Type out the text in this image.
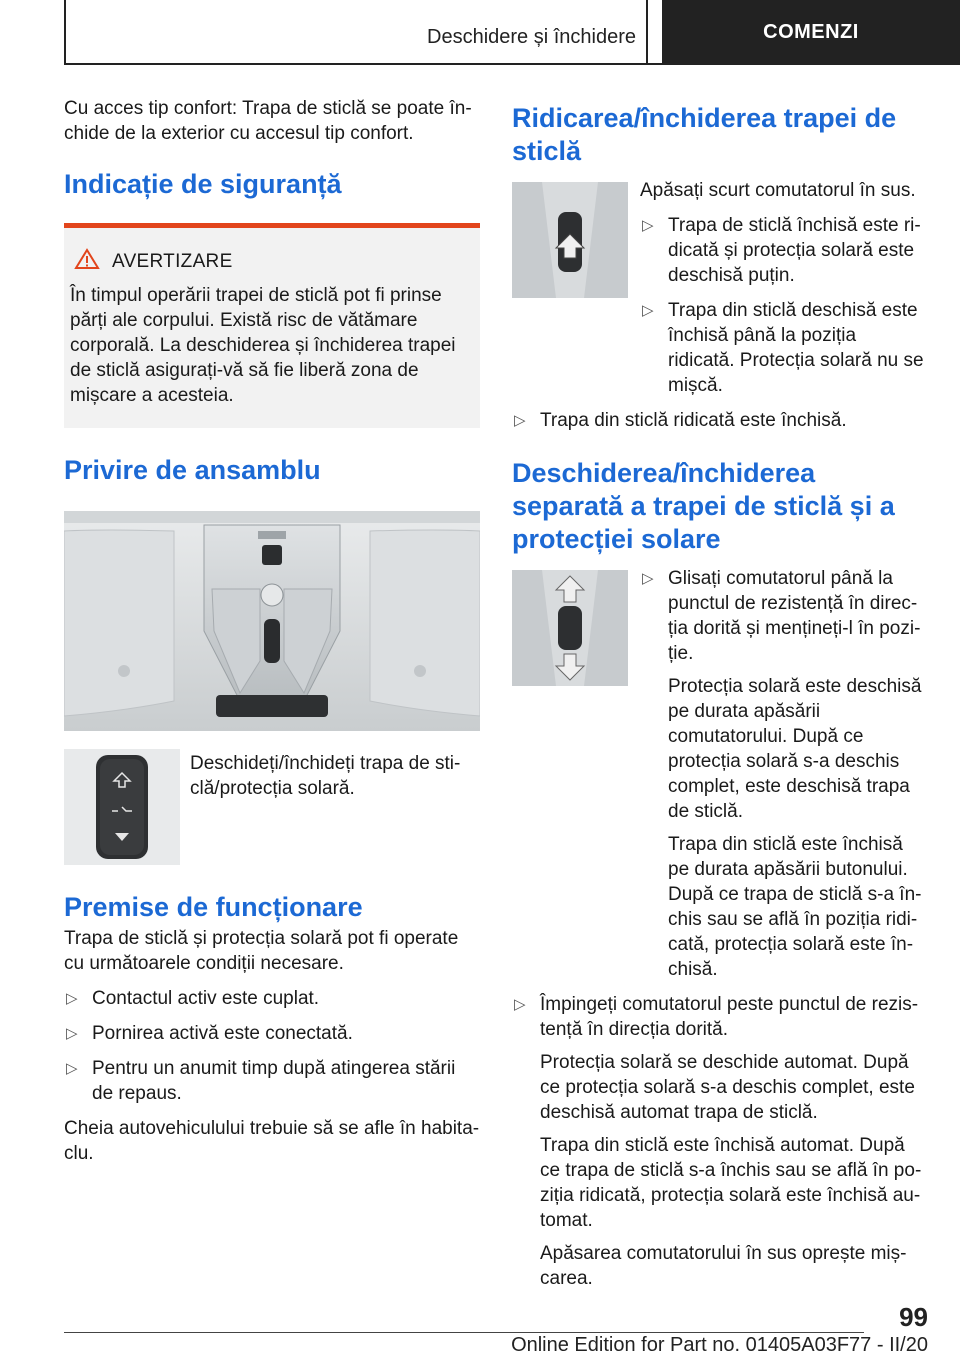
Deschidere și închidere	COMENZI

Cu acces tip confort: Trapa de sticlă se poate închide de la exterior cu accesul tip confort.

Indicație de siguranță
AVERTIZARE

În timpul operării trapei de sticlă pot fi prinse părți ale corpului. Există risc de vătămare corporală. La deschiderea și închiderea trapei de sticlă asigurați-vă să fie liberă zona de mișcare a acesteia.

Privire de ansamblu

Deschideți/închideți trapa de sticlă/protecția solară.

Premise de funcționare

Trapa de sticlă și protecția solară pot fi operate cu următoarele condiții necesare.

▷ Contactul activ este cuplat.
▷ Pornirea activă este conectată.
▷ Pentru un anumit timp după atingerea stării de repaus.

Cheia autovehiculului trebuie să se afle în habitaclu.

Ridicarea/închiderea trapei de sticlă

Apăsați scurt comutatorul în sus.

▷ Trapa de sticlă închisă este ridicată și protecția solară este deschisă puțin.
▷ Trapa din sticlă deschisă este închisă până la poziția ridicată. Protecția solară nu se mișcă.
▷ Trapa din sticlă ridicată este închisă.
Deschiderea/închiderea separată a trapei de sticlă și a protecției solare
▷ Glisați comutatorul până la punctul de rezistență în direcția dorită și mențineți-l în poziție.

Protecția solară este deschisă pe durata apăsării comutatorului. După ce protecția solară s-a deschis complet, este deschisă trapa de sticlă.

Trapa din sticlă este închisă pe durata apăsării butonului. După ce trapa de sticlă s-a închis sau se află în poziția ridicată, protecția solară este închisă.

▷ Împingeți comutatorul peste punctul de rezistență în direcția dorită.

Protecția solară se deschide automat. După ce protecția solară s-a deschis complet, este deschisă automat trapa de sticlă.

Trapa din sticlă este închisă automat. După ce trapa de sticlă s-a închis sau se află în poziția ridicată, protecția solară este închisă automat.

Apăsarea comutatorului în sus oprește mișcarea.

99
Online Edition for Part no. 01405A03F77 - II/20
